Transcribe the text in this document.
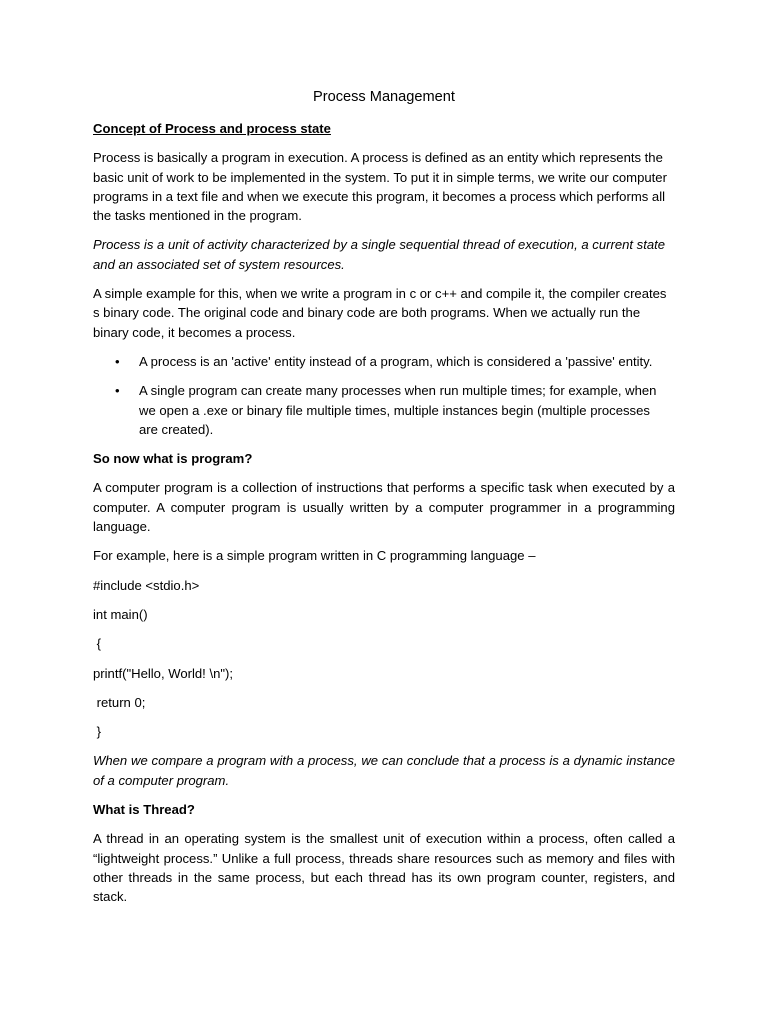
Process Management
Concept of Process and process state

Process is basically a program in execution. A process is defined as an entity which represents the basic unit of work to be implemented in the system. To put it in simple terms, we write our computer programs in a text file and when we execute this program, it becomes a process which performs all the tasks mentioned in the program.

Process is a unit of activity characterized by a single sequential thread of execution, a current state and an associated set of system resources.

A simple example for this, when we write a program in c or c++ and compile it, the compiler creates s binary code. The original code and binary code are both programs. When we actually run the binary code, it becomes a process.

• A process is an 'active' entity instead of a program, which is considered a 'passive' entity.
• A single program can create many processes when run multiple times; for example, when we open a .exe or binary file multiple times, multiple instances begin (multiple processes are created).
So now what is program?

A computer program is a collection of instructions that performs a specific task when executed by a computer. A computer program is usually written by a computer programmer in a programming language.

For example, here is a simple program written in C programming language –

#include <stdio.h>
int main()
{
printf("Hello, World! \n");
return 0;
}

When we compare a program with a process, we can conclude that a process is a dynamic instance of a computer program.

What is Thread?

A thread in an operating system is the smallest unit of execution within a process, often called a “lightweight process.” Unlike a full process, threads share resources such as memory and files with other threads in the same process, but each thread has its own program counter, registers, and stack.
